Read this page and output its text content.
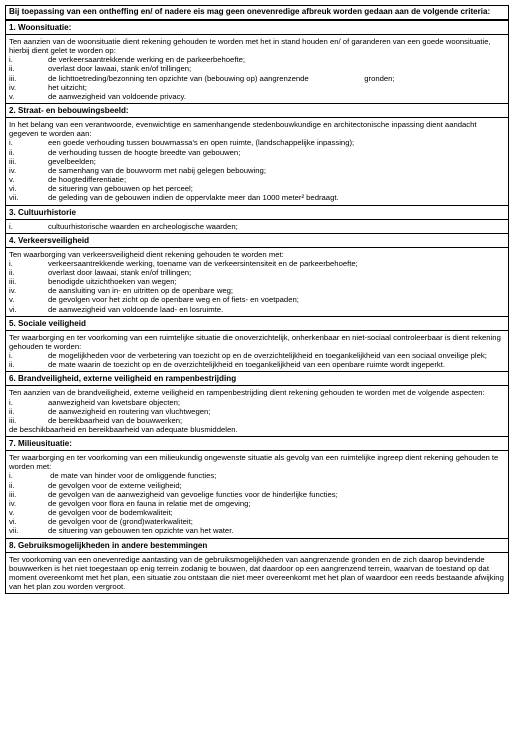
Bij toepassing van een ontheffing en/ of nadere eis mag geen onevenredige afbreuk worden gedaan aan de volgende criteria:
1. Woonsituatie:
Ten aanzien van de woonsituatie dient rekening gehouden te worden met het in stand houden en/ of garanderen van een goede woonsituatie, hierbij dient gelet te worden op:
i.	de verkeersaantrekkende werking en de parkeerbehoefte;
ii.	overlast door lawaai, stank en/of trillingen;
iii.	de lichttoetreding/bezonning ten opzichte van (bebouwing op) aangrenzende                          gronden;
iv.	het uitzicht;
v.	de aanwezigheid van voldoende privacy.
2. Straat- en bebouwingsbeeld:
In het belang van een verantwoorde, evenwichtige en samenhangende stedenbouwkundige en architectonische inpassing dient aandacht gegeven te worden aan:
i.	een goede verhouding tussen bouwmassa's en open ruimte, (landschappelijke inpassing);
ii.	de verhouding tussen de hoogte breedte van gebouwen;
iii.	gevelbeelden;
iv.	de samenhang van de bouwvorm met nabij gelegen bebouwing;
v.	de hoogtedifferentiatie;
vi.	de situering van gebouwen op het perceel;
vii.	de geleding van de gebouwen indien de oppervlakte meer dan 1000 meter² bedraagt.
3. Cultuurhistorie
i.	cultuurhistorische waarden en archeologische waarden;
4. Verkeersveiligheid
Ten waarborging van verkeersveiligheid dient rekening gehouden te worden met:
i.	verkeersaantrekkende werking, toename van de verkeersintensiteit en de parkeerbehoefte;
ii.	overlast door lawaai, stank en/of trillingen;
iii.	benodigde uitzichthoeken van wegen;
iv.	de aansluiting van in- en uitritten op de openbare weg;
v.	de gevolgen voor het zicht op de openbare weg en of fiets- en voetpaden;
vi.	de aanwezigheid van voldoende laad- en losruimte.
5. Sociale veiligheid
Ter waarborging en ter voorkoming van een ruimtelijke situatie die onoverzichtelijk, onherkenbaar en niet-sociaal controleerbaar is dient rekening gehouden te worden:
i.	de mogelijkheden voor de verbetering van toezicht op en de overzichtelijkheid en toegankelijkheid van een sociaal onveilige plek;
ii.	de mate waarin de toezicht op en de overzichtelijkheid en toegankelijkheid van een openbare ruimte wordt ingeperkt.
6. Brandveiligheid, externe veiligheid en rampenbestrijding
Ten aanzien van de brandveiligheid, externe veiligheid en rampenbestrijding dient rekening gehouden te worden met de volgende aspecten:
i.	aanwezigheid van kwetsbare objecten;
ii.	de aanwezigheid en routering van vluchtwegen;
iii.	de bereikbaarheid van de bouwwerken;
de beschikbaarheid en bereikbaarheid van adequate blusmiddelen.
7. Milieusituatie:
Ter waarborging en ter voorkoming van een milieukundig ongewenste situatie als gevolg van een ruimtelijke ingreep dient rekening gehouden te worden met:
i.	de mate van hinder voor de omliggende functies;
ii.	de gevolgen voor de externe veiligheid;
iii.	de gevolgen van de aanwezigheid van gevoelige functies voor de hinderlijke functies;
iv.	de gevolgen voor flora en fauna in relatie met de omgeving;
v.	de gevolgen voor de bodemkwaliteit;
vi.	de gevolgen voor de (grond)waterkwaliteit;
vii.	de situering van gebouwen ten opzichte van het water.
8. Gebruiksmogelijkheden in andere bestemmingen
Ter voorkoming van een onevenredige aantasting van de gebruiksmogelijkheden van aangrenzende gronden en de zich daarop bevindende bouwwerken is het niet toegestaan op enig terrein zodanig te bouwen, dat daardoor op een aangrenzend terrein, waarvan de toestand op dat moment overeenkomt met het plan, een situatie zou ontstaan die niet meer overeenkomt met het plan of waardoor een reeds bestaande afwijking van het plan zou worden vergroot.
